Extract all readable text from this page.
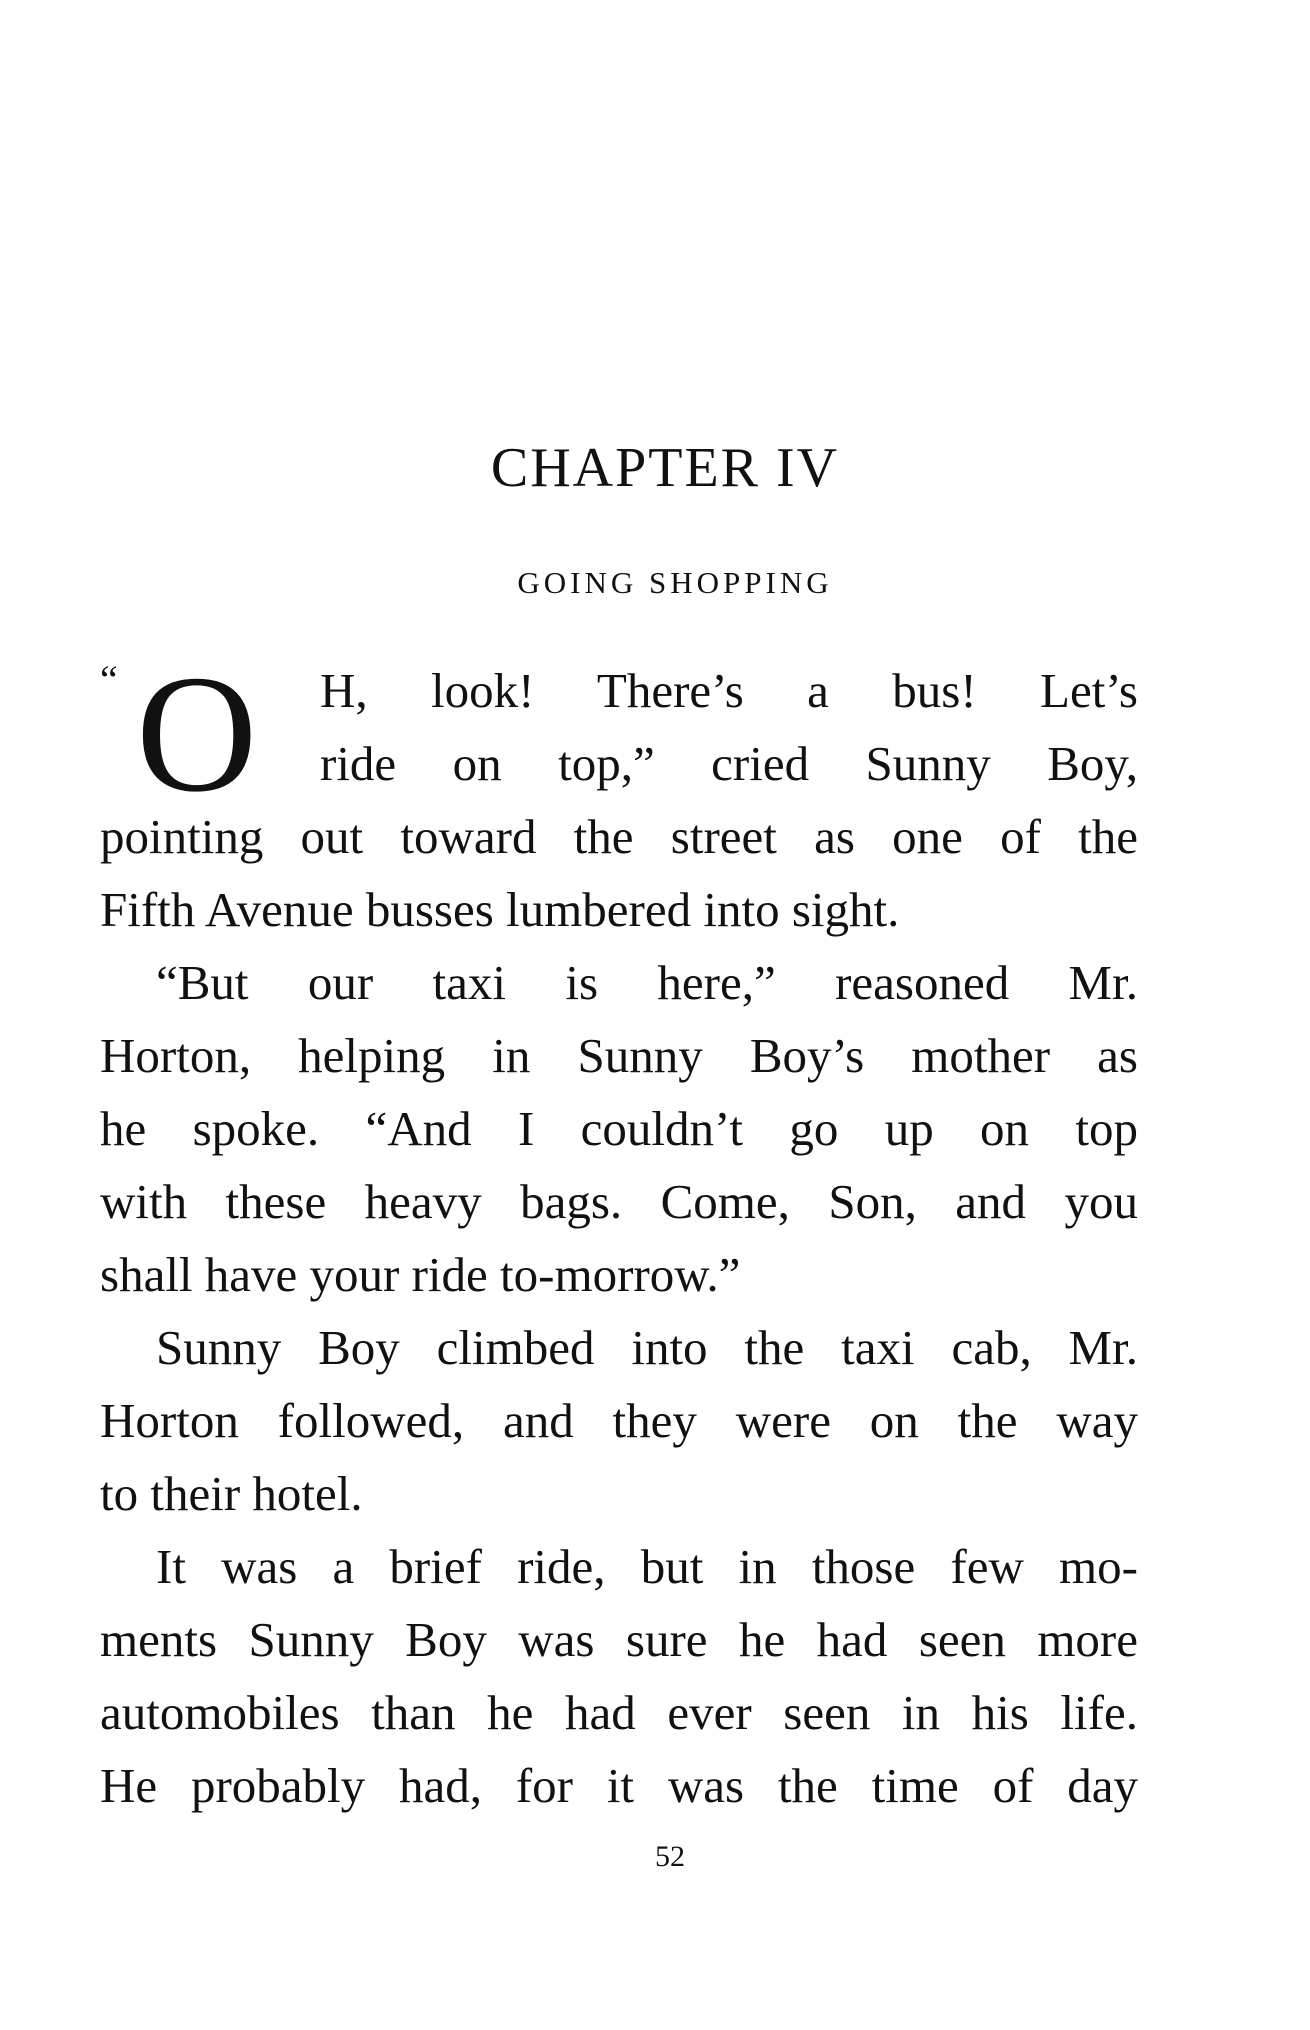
CHAPTER IV
GOING SHOPPING
“ O	H, look! There’s a bus! Let’s
ride on top,” cried Sunny Boy,
pointing out toward the street as one of the
Fifth Avenue busses lumbered into sight.
“But our taxi is here,” reasoned Mr.
Horton, helping in Sunny Boy’s mother as
he spoke. “And I couldn’t go up on top
with these heavy bags. Come, Son, and you
shall have your ride to-morrow.”
Sunny Boy climbed into the taxi cab, Mr.
Horton followed, and they were on the way
to their hotel.
It was a brief ride, but in those few mo-
ments Sunny Boy was sure he had seen more
automobiles than he had ever seen in his life.
He probably had, for it was the time of day
52
